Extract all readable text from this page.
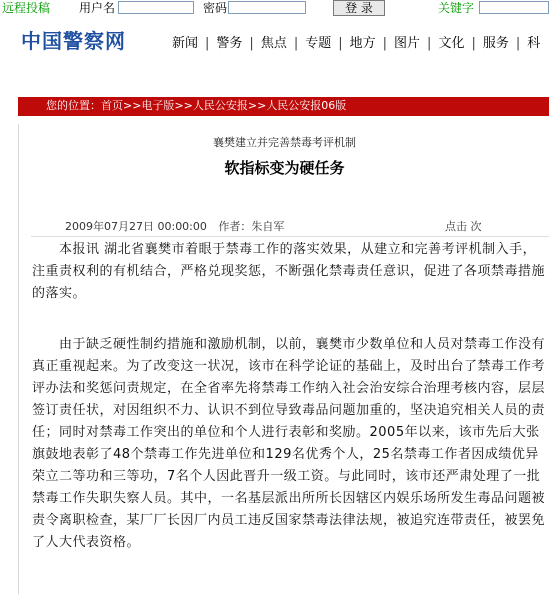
远程投稿 用户名	密码	登 录	关键字
中国警察网	新闻 | 警务 | 焦点 | 专题 | 地方 | 图片 | 文化 | 服务 | 科
您的位置：首页>>电子版>>人民公安报>>人民公安报06版
襄樊建立并完善禁毒考评机制
软指标变为硬任务
2009年07月27日 00:00:00 作者：朱自军	点击 次
　　本报讯 湖北省襄樊市着眼于禁毒工作的落实效果，从建立和完善考评机制入手，注重责权利的有机结合，严格兑现奖惩，不断强化禁毒责任意识，促进了各项禁毒措施的落实。
　　由于缺乏硬性制约措施和激励机制，以前，襄樊市少数单位和人员对禁毒工作没有真正重视起来。为了改变这一状况，该市在科学论证的基础上，及时出台了禁毒工作考评办法和奖惩问责规定，在全省率先将禁毒工作纳入社会治安综合治理考核内容，层层签订责任状，对因组织不力、认识不到位导致毒品问题加重的，坚决追究相关人员的责任；同时对禁毒工作突出的单位和个人进行表彰和奖励。2005年以来，该市先后大张旗鼓地表彰了48个禁毒工作先进单位和129名优秀个人，25名禁毒工作者因成绩优异荣立二等功和三等功，7名个人因此晋升一级工资。与此同时，该市还严肃处理了一批禁毒工作失职失察人员。其中，一名基层派出所所长因辖区内娱乐场所发生毒品问题被责令离职检查，某厂厂长因厂内员工违反国家禁毒法律法规，被追究连带责任，被罢免了人大代表资格。
